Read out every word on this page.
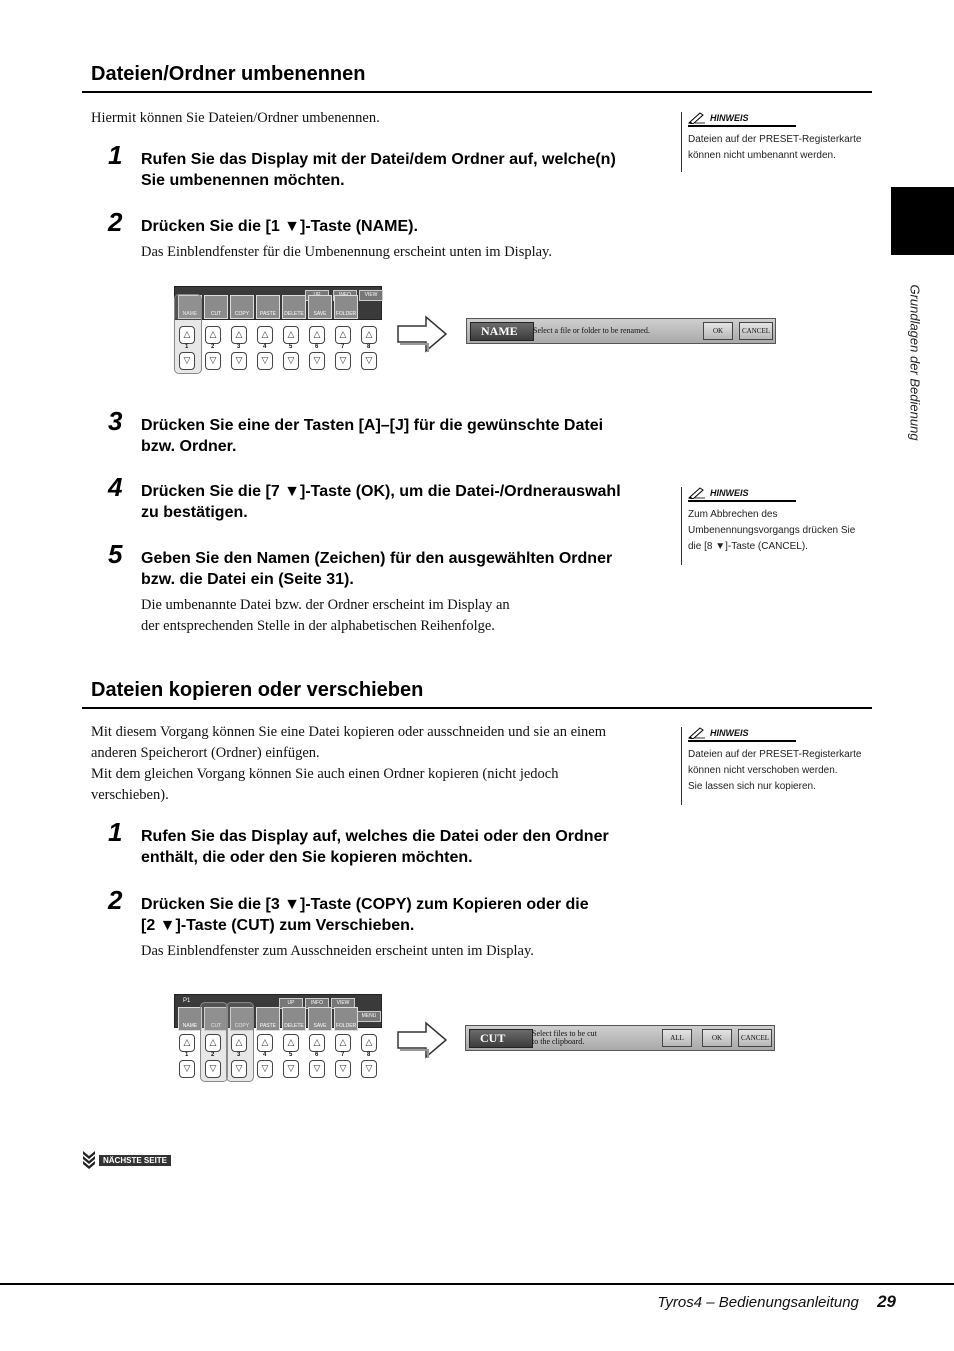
Dateien/Ordner umbenennen
Hiermit können Sie Dateien/Ordner umbenennen.	HINWEIS
Dateien auf der PRESET-Registerkarte
können nicht umbenannt werden.
1 Rufen Sie das Display mit der Datei/dem Ordner auf, welche(n)
Sie umbenennen möchten.
2 Drücken Sie die [1 ▼]-Taste (NAME).
Das Einblendfenster für die Umbenennung erscheint unten im Display.
VIEW
NAME	CUT	COPY	PASTE	DELETE	SAVE	FOLDER
△	△	△	△	△	△	△	△
1	2	3	4	5	6	7	8
▽	▽	▽	▽	▽	▽	▽	▽
NAME	Select a file or folder to be renamed.	OK	CANCEL
3 Drücken Sie eine der Tasten [A]–[J] für die gewünschte Datei
bzw. Ordner.
HINWEIS
Zum Abbrechen des
Umbenennungsvorgangs drücken Sie
die [8 ▼]-Taste (CANCEL).
4 Drücken Sie die [7 ▼]-Taste (OK), um die Datei-/Ordnerauswahl
zu bestätigen.
5 Geben Sie den Namen (Zeichen) für den ausgewählten Ordner
bzw. die Datei ein (Seite 31).
Die umbenannte Datei bzw. der Ordner erscheint im Display an
der entsprechenden Stelle in der alphabetischen Reihenfolge.
Dateien kopieren oder verschieben
Mit diesem Vorgang können Sie eine Datei kopieren oder ausschneiden und sie an einem
anderen Speicherort (Ordner) einfügen.
Mit dem gleichen Vorgang können Sie auch einen Ordner kopieren (nicht jedoch
verschieben).
HINWEIS
Dateien auf der PRESET-Registerkarte
können nicht verschoben werden.
Sie lassen sich nur kopieren.
1 Rufen Sie das Display auf, welches die Datei oder den Ordner
enthält, die oder den Sie kopieren möchten.
2 Drücken Sie die [3 ▼]-Taste (COPY) zum Kopieren oder die
[2 ▼]-Taste (CUT) zum Verschieben.
Das Einblendfenster zum Ausschneiden erscheint unten im Display.
P1	UP	INFO	VIEW
MENU
NAME	CUT	COPY	PASTE	DELETE	SAVE	FOLDER
△	△	△	△	△	△	△	△
1	2	3	4	5	6	7	8
▽	▽	▽	▽	▽	▽	▽	▽
CUT	Select files to be cut
to the clipboard.	ALL	OK	CANCEL
NÄCHSTE SEITE
Grundlagen der Bedienung
Tyros4 – Bedienungsanleitung 29
